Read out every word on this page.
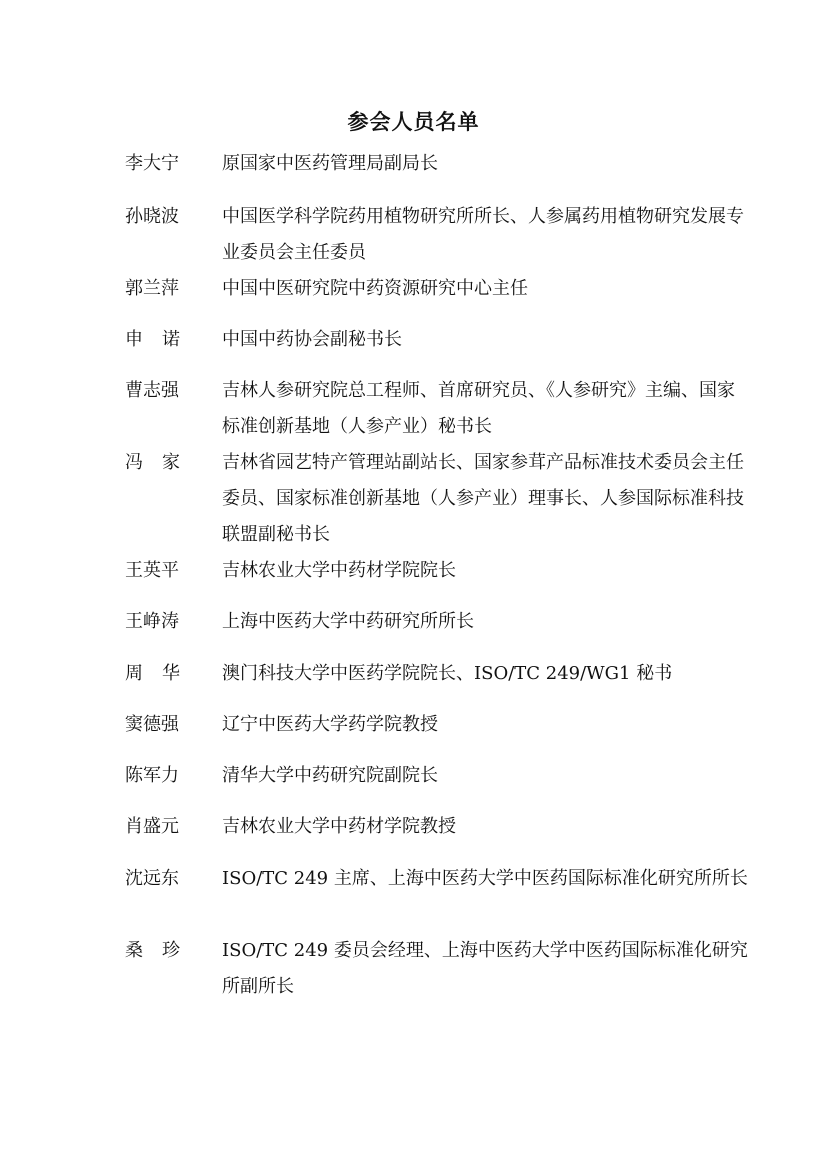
参会人员名单
李大宁	原国家中医药管理局副局长
孙晓波	中国医学科学院药用植物研究所所长、人参属药用植物研究发展专业委员会主任委员
郭兰萍	中国中医研究院中药资源研究中心主任
申诺	中国中药协会副秘书长
曹志强	吉林人参研究院总工程师、首席研究员、《人参研究》主编、国家标准创新基地（人参产业）秘书长
冯家	吉林省园艺特产管理站副站长、国家参茸产品标准技术委员会主任委员、国家标准创新基地（人参产业）理事长、人参国际标准科技联盟副秘书长
王英平	吉林农业大学中药材学院院长
王峥涛	上海中医药大学中药研究所所长
周华	澳门科技大学中医药学院院长、ISO/TC 249/WG1 秘书
窦德强	辽宁中医药大学药学院教授
陈军力	清华大学中药研究院副院长
肖盛元	吉林农业大学中药材学院教授
沈远东	ISO/TC 249 主席、上海中医药大学中医药国际标准化研究所所长
桑珍	ISO/TC 249 委员会经理、上海中医药大学中医药国际标准化研究所副所长
